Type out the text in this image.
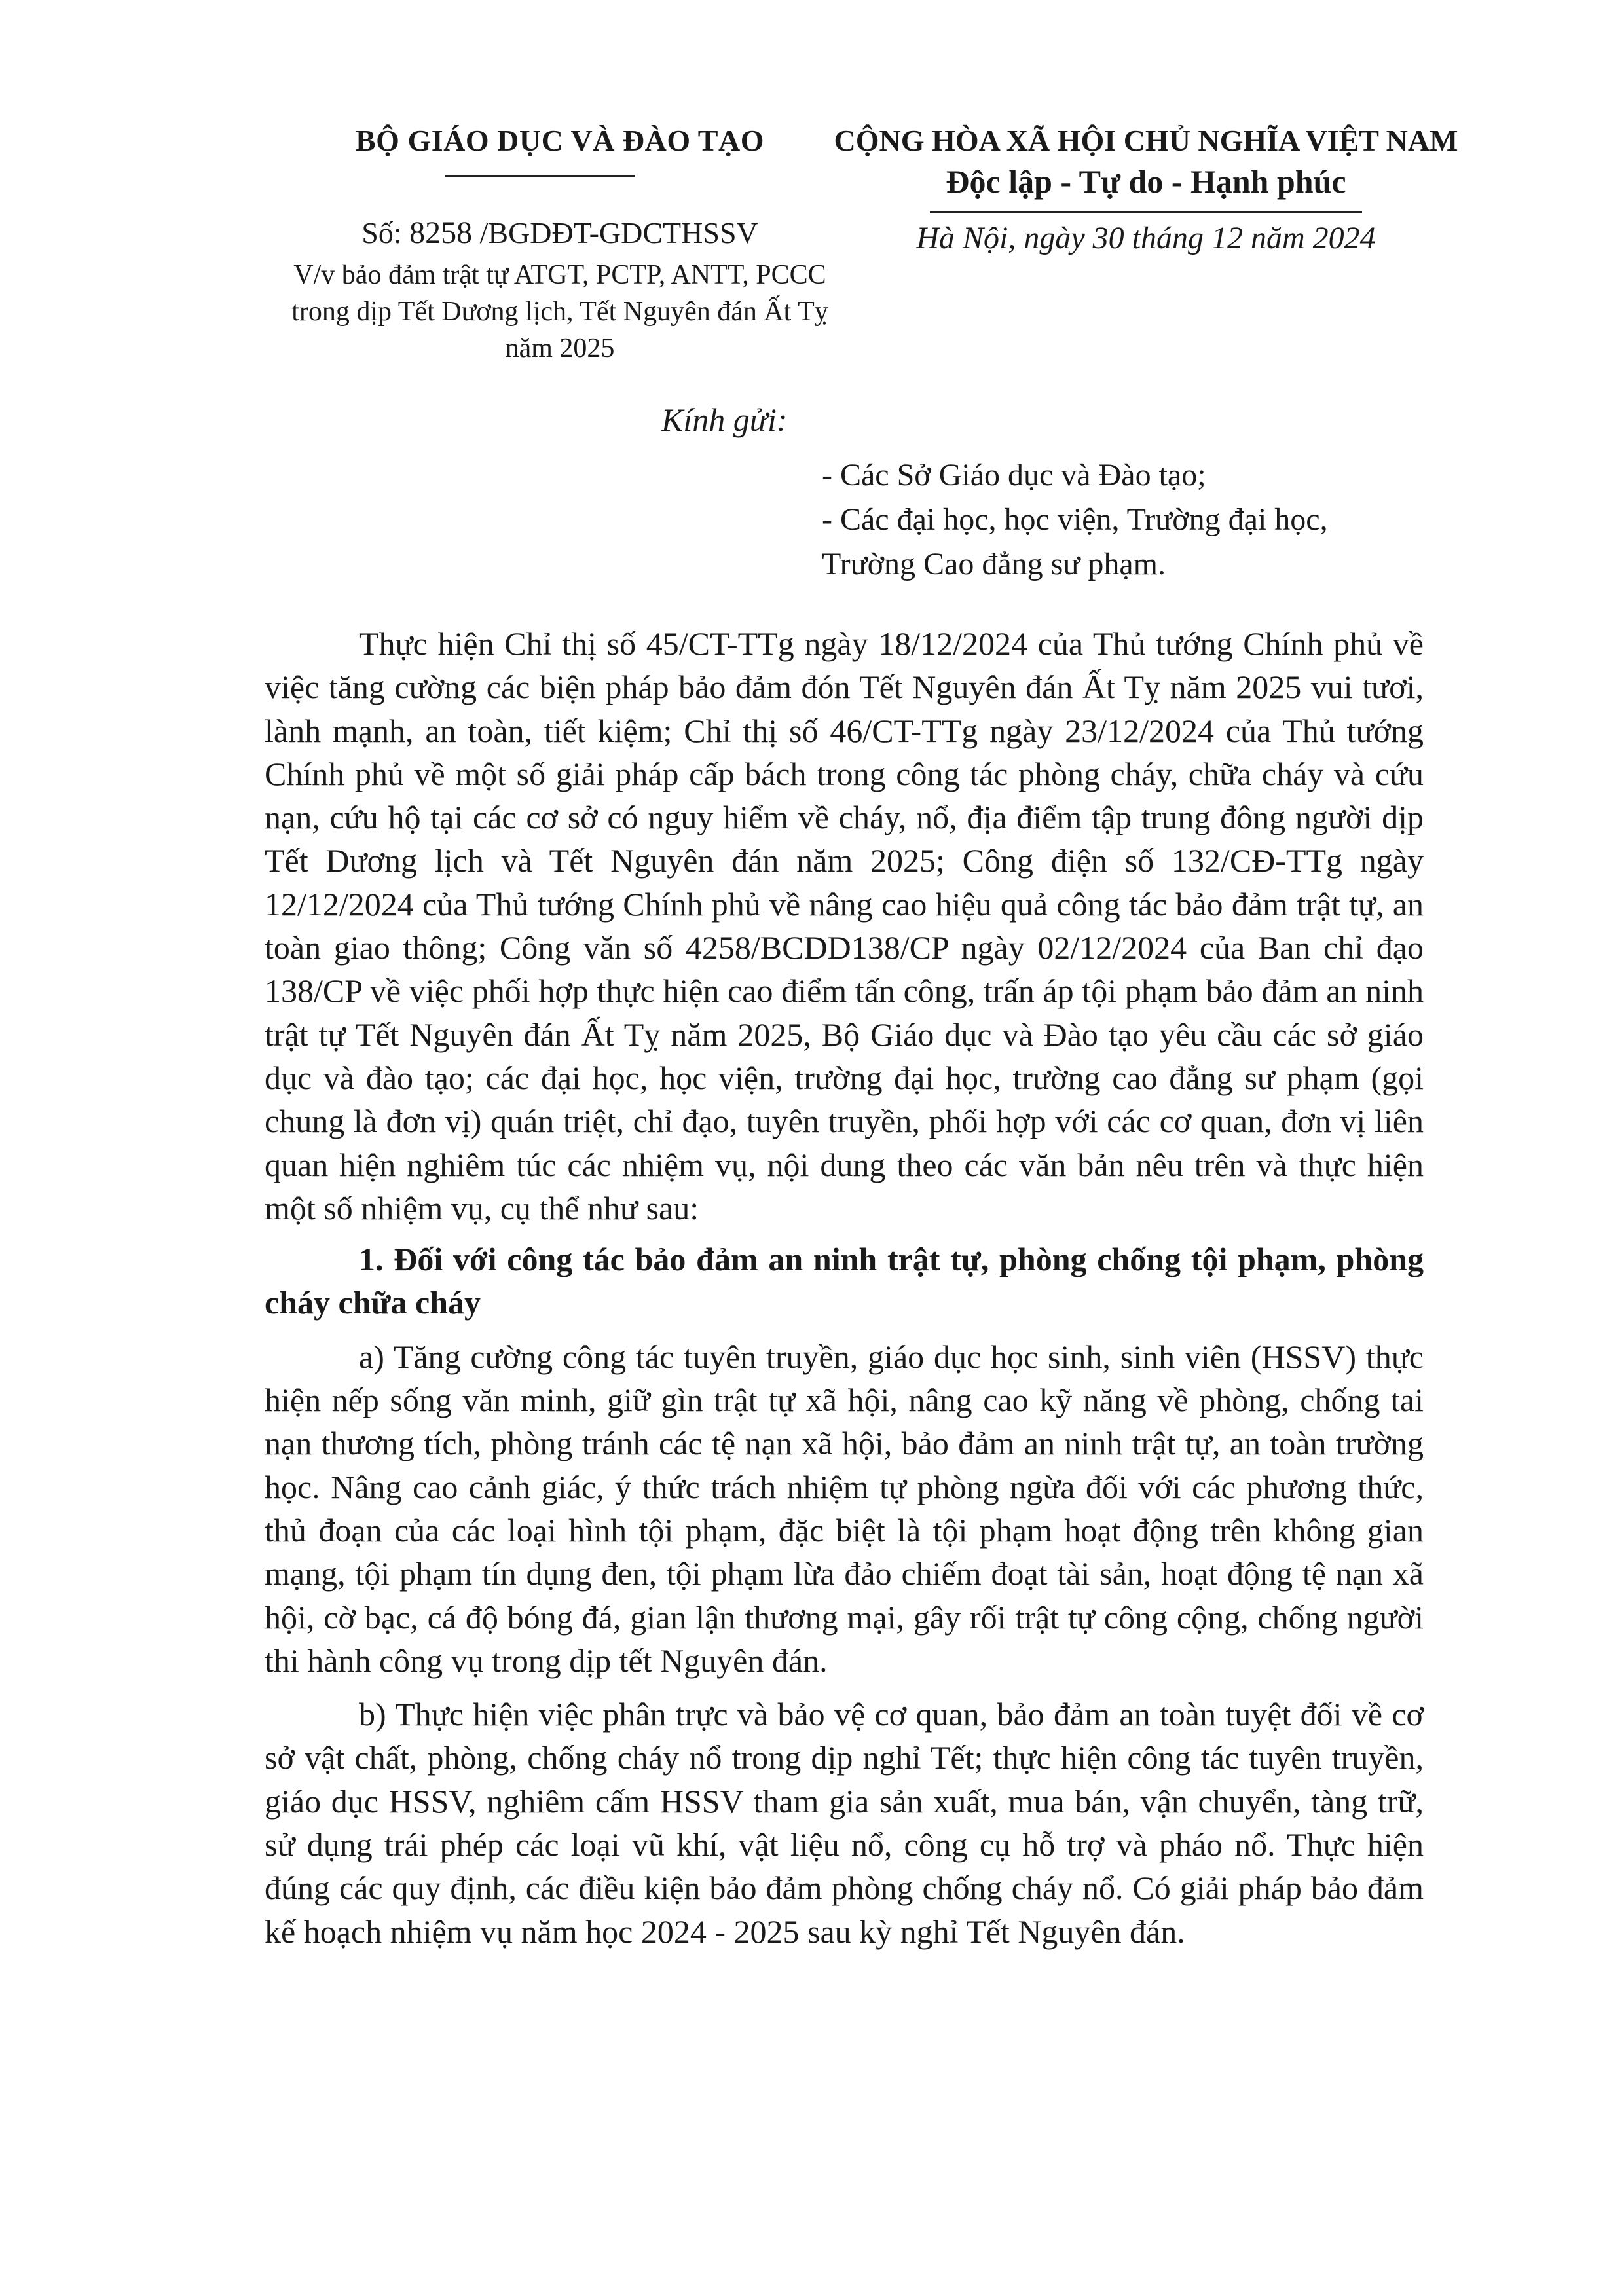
BỘ GIÁO DỤC VÀ ĐÀO TẠO
Số: 8258 /BGDĐT-GDCTHSSV
V/v bảo đảm trật tự ATGT, PCTP, ANTT, PCCC trong dịp Tết Dương lịch, Tết Nguyên đán Ất Tỵ năm 2025
CỘNG HÒA XÃ HỘI CHỦ NGHĨA VIỆT NAM
Độc lập - Tự do - Hạnh phúc
Hà Nội, ngày 30 tháng 12 năm 2024
Kính gửi:
- Các Sở Giáo dục và Đào tạo;
- Các đại học, học viện, Trường đại học,
Trường Cao đẳng sư phạm.

Thực hiện Chỉ thị số 45/CT-TTg ngày 18/12/2024 của Thủ tướng Chính phủ về việc tăng cường các biện pháp bảo đảm đón Tết Nguyên đán Ất Tỵ năm 2025 vui tươi, lành mạnh, an toàn, tiết kiệm; Chỉ thị số 46/CT-TTg ngày 23/12/2024 của Thủ tướng Chính phủ về một số giải pháp cấp bách trong công tác phòng cháy, chữa cháy và cứu nạn, cứu hộ tại các cơ sở có nguy hiểm về cháy, nổ, địa điểm tập trung đông người dịp Tết Dương lịch và Tết Nguyên đán năm 2025; Công điện số 132/CĐ-TTg ngày 12/12/2024 của Thủ tướng Chính phủ về nâng cao hiệu quả công tác bảo đảm trật tự, an toàn giao thông; Công văn số 4258/BCDD138/CP ngày 02/12/2024 của Ban chỉ đạo 138/CP về việc phối hợp thực hiện cao điểm tấn công, trấn áp tội phạm bảo đảm an ninh trật tự Tết Nguyên đán Ất Tỵ năm 2025, Bộ Giáo dục và Đào tạo yêu cầu các sở giáo dục và đào tạo; các đại học, học viện, trường đại học, trường cao đẳng sư phạm (gọi chung là đơn vị) quán triệt, chỉ đạo, tuyên truyền, phối hợp với các cơ quan, đơn vị liên quan hiện nghiêm túc các nhiệm vụ, nội dung theo các văn bản nêu trên và thực hiện một số nhiệm vụ, cụ thể như sau:

1. Đối với công tác bảo đảm an ninh trật tự, phòng chống tội phạm, phòng cháy chữa cháy

a) Tăng cường công tác tuyên truyền, giáo dục học sinh, sinh viên (HSSV) thực hiện nếp sống văn minh, giữ gìn trật tự xã hội, nâng cao kỹ năng về phòng, chống tai nạn thương tích, phòng tránh các tệ nạn xã hội, bảo đảm an ninh trật tự, an toàn trường học. Nâng cao cảnh giác, ý thức trách nhiệm tự phòng ngừa đối với các phương thức, thủ đoạn của các loại hình tội phạm, đặc biệt là tội phạm hoạt động trên không gian mạng, tội phạm tín dụng đen, tội phạm lừa đảo chiếm đoạt tài sản, hoạt động tệ nạn xã hội, cờ bạc, cá độ bóng đá, gian lận thương mại, gây rối trật tự công cộng, chống người thi hành công vụ trong dịp tết Nguyên đán.

b) Thực hiện việc phân trực và bảo vệ cơ quan, bảo đảm an toàn tuyệt đối về cơ sở vật chất, phòng, chống cháy nổ trong dịp nghỉ Tết; thực hiện công tác tuyên truyền, giáo dục HSSV, nghiêm cấm HSSV tham gia sản xuất, mua bán, vận chuyển, tàng trữ, sử dụng trái phép các loại vũ khí, vật liệu nổ, công cụ hỗ trợ và pháo nổ. Thực hiện đúng các quy định, các điều kiện bảo đảm phòng chống cháy nổ. Có giải pháp bảo đảm kế hoạch nhiệm vụ năm học 2024 - 2025 sau kỳ nghỉ Tết Nguyên đán.
